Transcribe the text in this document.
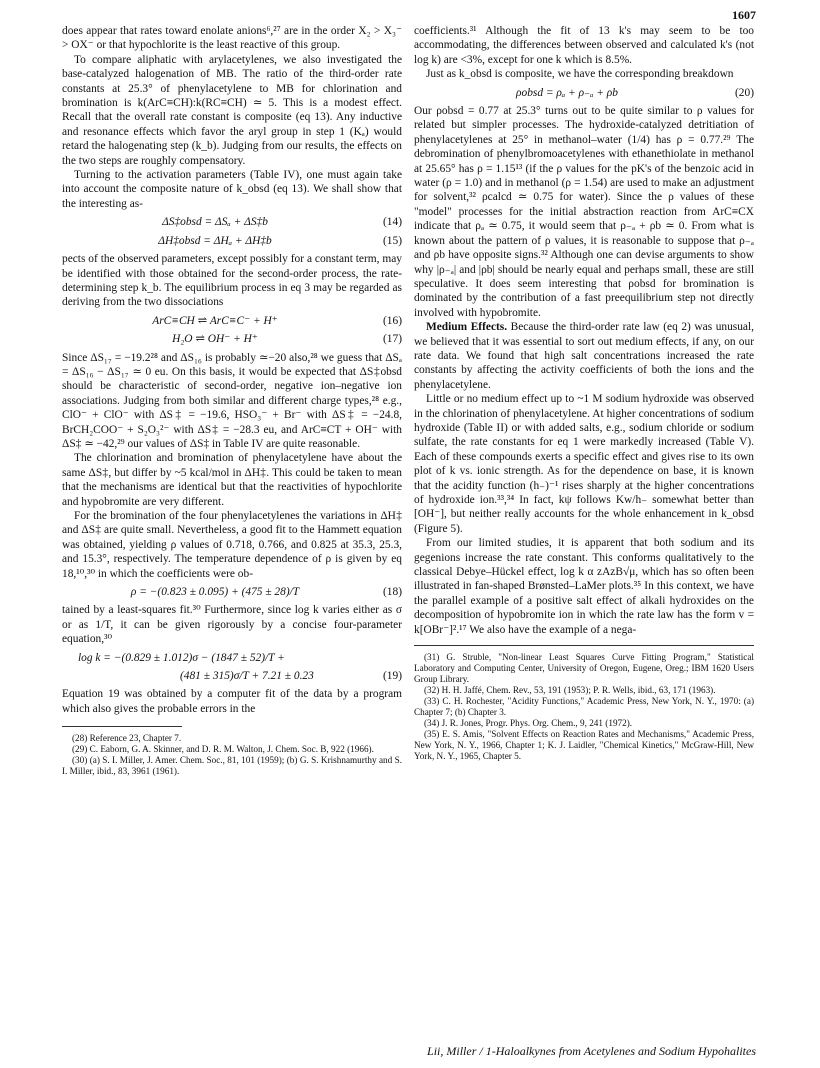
1607

does appear that rates toward enolate anions⁶,²⁷ are in the order X₂ > X₃⁻ > OX⁻ or that hypochlorite is the least reactive of this group.

To compare aliphatic with arylacetylenes, we also investigated the base-catalyzed halogenation of MB. The ratio of the third-order rate constants at 25.3° of phenylacetylene to MB for chlorination and bromination is k(ArC≡CH):k(RC≡CH) ≃ 5. This is a modest effect. Recall that the overall rate constant is composite (eq 13). Any inductive and resonance effects which favor the aryl group in step 1 (Kₐ) would retard the halogenating step (k_b). Judging from our results, the effects on the two steps are roughly compensatory.

Turning to the activation parameters (Table IV), one must again take into account the composite nature of k_obsd (eq 13). We shall show that the interesting as-

ΔS‡obsd = ΔSₐ + ΔS‡b	(14)
ΔH‡obsd = ΔHₐ + ΔH‡b	(15)

pects of the observed parameters, except possibly for a constant term, may be identified with those obtained for the second-order process, the rate-determining step k_b. The equilibrium process in eq 3 may be regarded as deriving from the two dissociations

ArC≡CH ⇌ ArC≡C⁻ + H⁺	(16)
H₂O ⇌ OH⁻ + H⁺	(17)

Since ΔS₁₇ = −19.2²⁸ and ΔS₁₆ is probably ≃−20 also,²⁸ we guess that ΔSₐ = ΔS₁₆ − ΔS₁₇ ≃ 0 eu. On this basis, it would be expected that ΔS‡obsd should be characteristic of second-order, negative ion–negative ion associations. Judging from both similar and different charge types,²⁸ e.g., ClO⁻ + ClO⁻ with ΔS‡ = −19.6, HSO₃⁻ + Br⁻ with ΔS‡ = −24.8, BrCH₂COO⁻ + S₂O₃²⁻ with ΔS‡ = −28.3 eu, and ArC≡CT + OH⁻ with ΔS‡ ≃ −42,²⁹ our values of ΔS‡ in Table IV are quite reasonable.

The chlorination and bromination of phenylacetylene have about the same ΔS‡, but differ by ~5 kcal/mol in ΔH‡. This could be taken to mean that the mechanisms are identical but that the reactivities of hypochlorite and hypobromite are very different.

For the bromination of the four phenylacetylenes the variations in ΔH‡ and ΔS‡ are quite small. Nevertheless, a good fit to the Hammett equation was obtained, yielding ρ values of 0.718, 0.766, and 0.825 at 35.3, 25.3, and 15.3°, respectively. The temperature dependence of ρ is given by eq 18,¹⁰,³⁰ in which the coefficients were ob-

ρ = −(0.823 ± 0.095) + (475 ± 28)/T	(18)

tained by a least-squares fit.³⁰ Furthermore, since log k varies either as σ or as 1/T, it can be given rigorously by a concise four-parameter equation,³⁰

log k = −(0.829 ± 1.012)σ − (1847 ± 52)/T +
(481 ± 315)σ/T + 7.21 ± 0.23	(19)

Equation 19 was obtained by a computer fit of the data by a program which also gives the probable errors in the

(28) Reference 23, Chapter 7.

(29) C. Eaborn, G. A. Skinner, and D. R. M. Walton, J. Chem. Soc. B, 922 (1966).

(30) (a) S. I. Miller, J. Amer. Chem. Soc., 81, 101 (1959); (b) G. S. Krishnamurthy and S. I. Miller, ibid., 83, 3961 (1961).

coefficients.³¹ Although the fit of 13 k's may seem to be too accommodating, the differences between observed and calculated k's (not log k) are <3%, except for one k which is 8.5%.

Just as k_obsd is composite, we have the corresponding breakdown

ρobsd = ρₐ + ρ₋ₐ + ρb	(20)

Our ρobsd = 0.77 at 25.3° turns out to be quite similar to ρ values for related but simpler processes. The hydroxide-catalyzed detritiation of phenylacetylenes at 25° in methanol–water (1/4) has ρ = 0.77.²⁹ The debromination of phenylbromoacetylenes with ethanethiolate in methanol at 25.65° has ρ = 1.15¹³ (if the ρ values for the pK's of the benzoic acid in water (ρ = 1.0) and in methanol (ρ = 1.54) are used to make an adjustment for solvent,³² ρcalcd ≃ 0.75 for water). Since the ρ values of these "model" processes for the initial abstraction reaction from ArC≡CX indicate that ρₐ ≃ 0.75, it would seem that ρ₋ₐ + ρb ≃ 0. From what is known about the pattern of ρ values, it is reasonable to suppose that ρ₋ₐ and ρb have opposite signs.³² Although one can devise arguments to show why |ρ₋ₐ| and |ρb| should be nearly equal and perhaps small, these are still speculative. It does seem interesting that ρobsd for bromination is dominated by the contribution of a fast preequilibrium step not directly involved with hypobromite.

Medium Effects. Because the third-order rate law (eq 2) was unusual, we believed that it was essential to sort out medium effects, if any, on our rate data. We found that high salt concentrations increased the rate constants by affecting the activity coefficients of both the ions and the phenylacetylene.

Little or no medium effect up to ~1 M sodium hydroxide was observed in the chlorination of phenylacetylene. At higher concentrations of sodium hydroxide (Table II) or with added salts, e.g., sodium chloride or sodium sulfate, the rate constants for eq 1 were markedly increased (Table V). Each of these compounds exerts a specific effect and gives rise to its own plot of k vs. ionic strength. As for the dependence on base, it is known that the acidity function (h₋)⁻¹ rises sharply at the higher concentrations of hydroxide ion.³³,³⁴ In fact, kψ follows Kw/h₋ somewhat better than [OH⁻], but neither really accounts for the whole enhancement in k_obsd (Figure 5).

From our limited studies, it is apparent that both sodium and its gegenions increase the rate constant. This conforms qualitatively to the classical Debye–Hückel effect, log k α zAzB√μ, which has so often been illustrated in fan-shaped Brønsted–LaMer plots.³⁵ In this context, we have the parallel example of a positive salt effect of alkali hydroxides on the decomposition of hypobromite ion in which the rate law has the form v = k[OBr⁻]².¹⁷ We also have the example of a nega-

(31) G. Struble, "Non-linear Least Squares Curve Fitting Program," Statistical Laboratory and Computing Center, University of Oregon, Eugene, Oreg.; IBM 1620 Users Group Library.

(32) H. H. Jaffé, Chem. Rev., 53, 191 (1953); P. R. Wells, ibid., 63, 171 (1963).

(33) C. H. Rochester, "Acidity Functions," Academic Press, New York, N. Y., 1970: (a) Chapter 7; (b) Chapter 3.

(34) J. R. Jones, Progr. Phys. Org. Chem., 9, 241 (1972).

(35) E. S. Amis, "Solvent Effects on Reaction Rates and Mechanisms," Academic Press, New York, N. Y., 1966, Chapter 1; K. J. Laidler, "Chemical Kinetics," McGraw-Hill, New York, N. Y., 1965, Chapter 5.

Lii, Miller / 1-Haloalkynes from Acetylenes and Sodium Hypohalites
